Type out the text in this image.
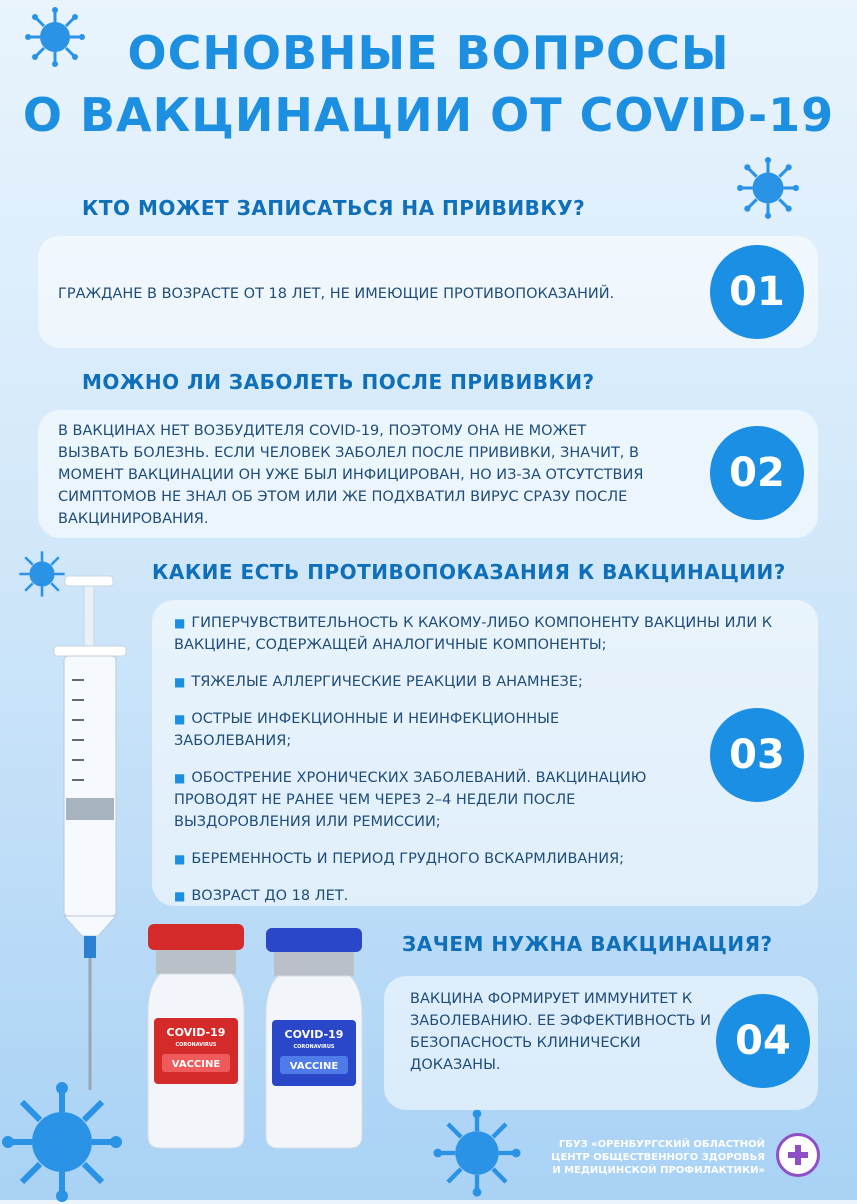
ОСНОВНЫЕ ВОПРОСЫ
О ВАКЦИНАЦИИ ОТ COVID-19
КТО МОЖЕТ ЗАПИСАТЬСЯ НА ПРИВИВКУ?
ГРАЖДАНЕ В ВОЗРАСТЕ ОТ 18 ЛЕТ, НЕ ИМЕЮЩИЕ ПРОТИВОПОКАЗАНИЙ.	01
МОЖНО ЛИ ЗАБОЛЕТЬ ПОСЛЕ ПРИВИВКИ?
В ВАКЦИНАХ НЕТ ВОЗБУДИТЕЛЯ COVID-19, ПОЭТОМУ ОНА НЕ МОЖЕТ ВЫЗВАТЬ БОЛЕЗНЬ. ЕСЛИ ЧЕЛОВЕК ЗАБОЛЕЛ ПОСЛЕ ПРИВИВКИ, ЗНАЧИТ, В МОМЕНТ ВАКЦИНАЦИИ ОН УЖЕ БЫЛ ИНФИЦИРОВАН, НО ИЗ-ЗА ОТСУТСТВИЯ СИМПТОМОВ НЕ ЗНАЛ ОБ ЭТОМ ИЛИ ЖЕ ПОДХВАТИЛ ВИРУС СРАЗУ ПОСЛЕ ВАКЦИНИРОВАНИЯ.
02
КАКИЕ ЕСТЬ ПРОТИВОПОКАЗАНИЯ К ВАКЦИНАЦИИ?
■ ГИПЕРЧУВСТВИТЕЛЬНОСТЬ К КАКОМУ-ЛИБО КОМПОНЕНТУ ВАКЦИНЫ ИЛИ К ВАКЦИНЕ, СОДЕРЖАЩЕЙ АНАЛОГИЧНЫЕ КОМПОНЕНТЫ;
■ ТЯЖЕЛЫЕ АЛЛЕРГИЧЕСКИЕ РЕАКЦИИ В АНАМНЕЗЕ;
■ ОСТРЫЕ ИНФЕКЦИОННЫЕ И НЕИНФЕКЦИОННЫЕ ЗАБОЛЕВАНИЯ;
■ ОБОСТРЕНИЕ ХРОНИЧЕСКИХ ЗАБОЛЕВАНИЙ. ВАКЦИНАЦИЮ ПРОВОДЯТ НЕ РАНЕЕ ЧЕМ ЧЕРЕЗ 2–4 НЕДЕЛИ ПОСЛЕ ВЫЗДОРОВЛЕНИЯ ИЛИ РЕМИССИИ;
■ БЕРЕМЕННОСТЬ И ПЕРИОД ГРУДНОГО ВСКАРМЛИВАНИЯ;
■ ВОЗРАСТ ДО 18 ЛЕТ.
03
ЗАЧЕМ НУЖНА ВАКЦИНАЦИЯ?
ВАКЦИНА ФОРМИРУЕТ ИММУНИТЕТ К ЗАБОЛЕВАНИЮ. ЕЕ ЭФФЕКТИВНОСТЬ И БЕЗОПАСНОСТЬ КЛИНИЧЕСКИ ДОКАЗАНЫ.
04
COVID-19
CORONAVIRUS
VACCINE
COVID-19
CORONAVIRUS
VACCINE
ГБУЗ «ОРЕНБУРГСКИЙ ОБЛАСТНОЙ
ЦЕНТР ОБЩЕСТВЕННОГО ЗДОРОВЬЯ
И МЕДИЦИНСКОЙ ПРОФИЛАКТИКИ»
